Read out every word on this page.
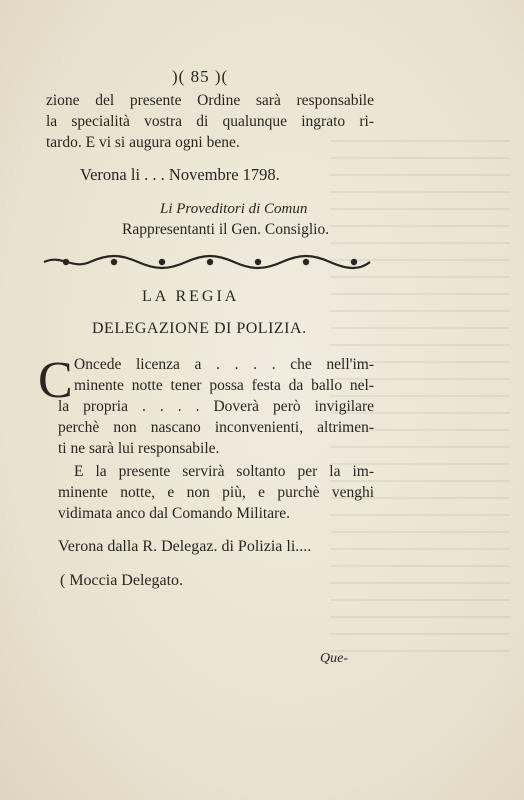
)( 85 )(
zione del presente Ordine sarà responsabile
la specialità vostra di qualunque ingrato ri-
tardo. E vi si augura ogni bene.
Verona li . . . Novembre 1798.
Li Proveditori di Comun
Rappresentanti il Gen. Consiglio.
LA REGIA
DELEGAZIONE DI POLIZIA.
C Oncede licenza a . . . . che nell'im-
minente notte tener possa festa da ballo nel-
la propria . . . . Doverà però invigilare
perchè non nascano inconvenienti, altrimen-
ti ne sarà lui responsabile.
E la presente servirà soltanto per la im-
minente notte, e non più, e purchè venghi
vidimata anco dal Comando Militare.
Verona dalla R. Delegaz. di Polizia li....
( Moccia Delegato.
Que-
